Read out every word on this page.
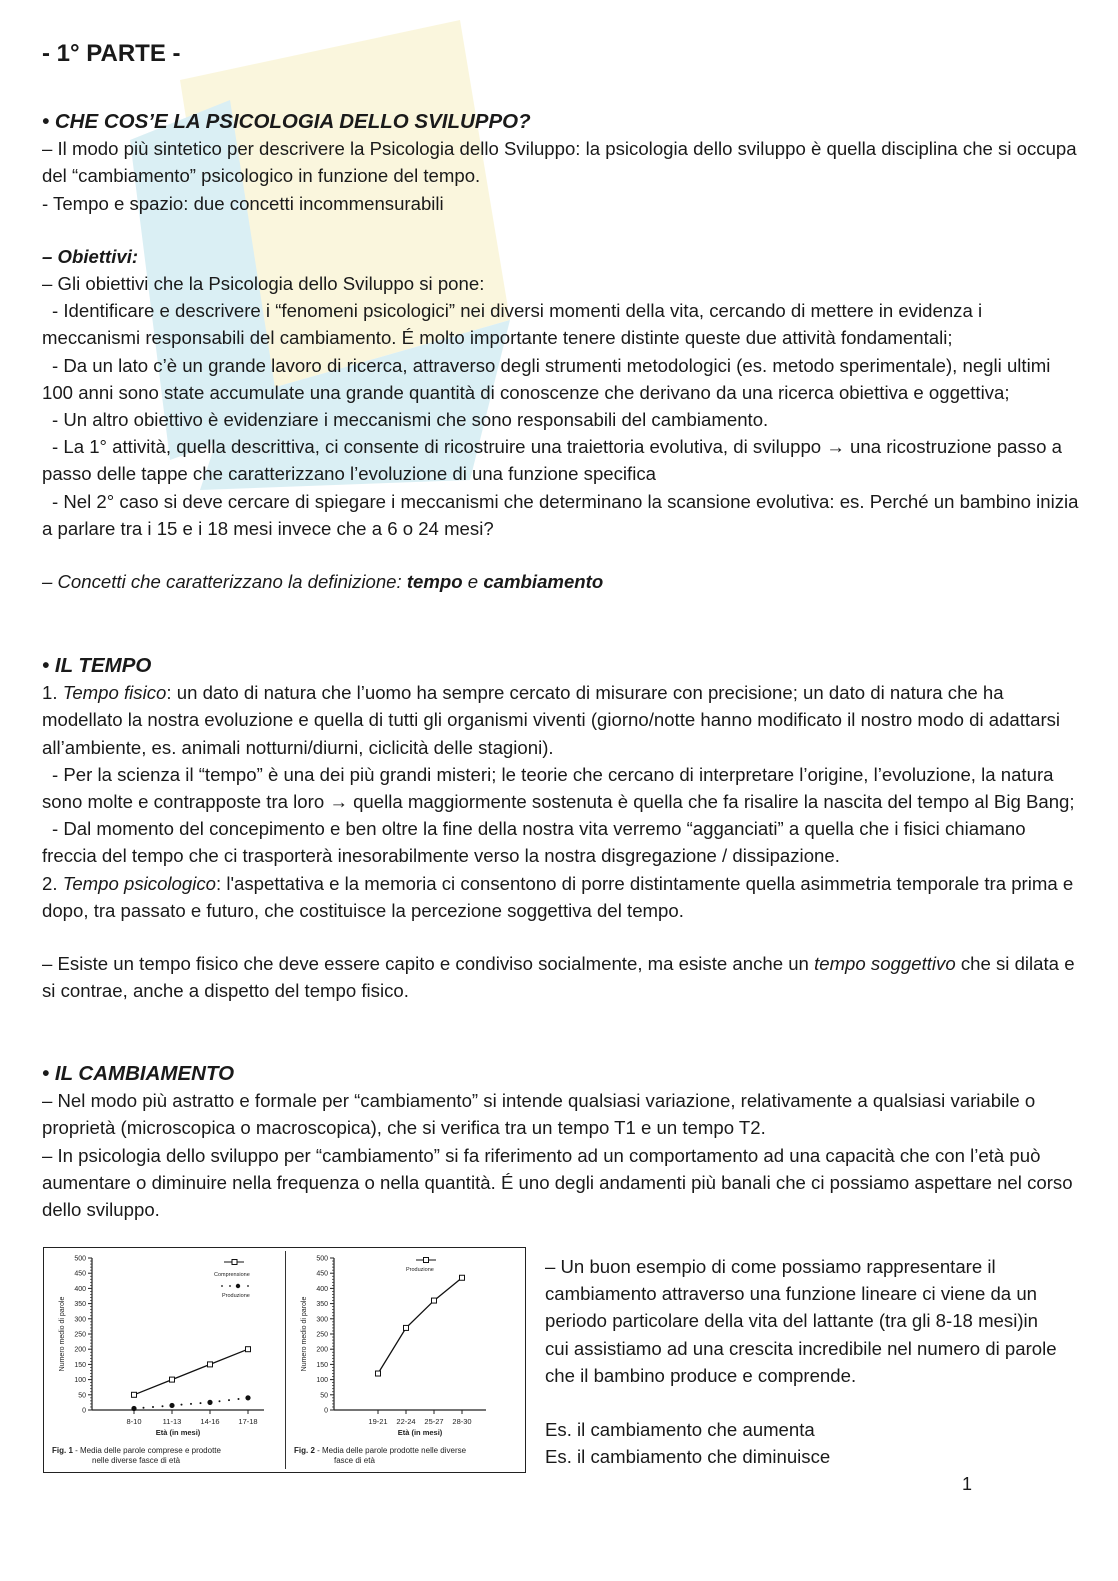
- 1° PARTE -
• CHE COS’E LA PSICOLOGIA DELLO SVILUPPO?

– Il modo più sintetico per descrivere la Psicologia dello Sviluppo: la psicologia dello sviluppo è quella disciplina che si occupa del “cambiamento” psicologico in funzione del tempo.

- Tempo e spazio: due concetti incommensurabili

– Obiettivi:

– Gli obiettivi che la Psicologia dello Sviluppo si pone:

- Identificare e descrivere i “fenomeni psicologici” nei diversi momenti della vita, cercando di mettere in evidenza i meccanismi responsabili del cambiamento. É molto importante tenere distinte queste due attività fondamentali;

- Da un lato c’è un grande lavoro di ricerca, attraverso degli strumenti metodologici (es. metodo sperimentale), negli ultimi 100 anni sono state accumulate una grande quantità di conoscenze che derivano da una ricerca obiettiva e oggettiva;

- Un altro obiettivo è evidenziare i meccanismi che sono responsabili del cambiamento.

- La 1° attività, quella descrittiva, ci consente di ricostruire una traiettoria evolutiva, di sviluppo → una ricostruzione passo a passo delle tappe che caratterizzano l’evoluzione di una funzione specifica

- Nel 2° caso si deve cercare di spiegare i meccanismi che determinano la scansione evolutiva: es. Perché un bambino inizia a parlare tra i 15 e i 18 mesi invece che a 6 o 24 mesi?

– Concetti che caratterizzano la definizione: tempo e cambiamento

• IL TEMPO

1. Tempo fisico: un dato di natura che l’uomo ha sempre cercato di misurare con precisione; un dato di natura che ha modellato la nostra evoluzione e quella di tutti gli organismi viventi (giorno/notte hanno modificato il nostro modo di adattarsi all’ambiente, es. animali notturni/diurni, ciclicità delle stagioni).

- Per la scienza il “tempo” è una dei più grandi misteri; le teorie che cercano di interpretare l’origine, l’evoluzione, la natura sono molte e contrapposte tra loro → quella maggiormente sostenuta è quella che fa risalire la nascita del tempo al Big Bang;

- Dal momento del concepimento e ben oltre la fine della nostra vita verremo “agganciati” a quella che i fisici chiamano freccia del tempo che ci trasporterà inesorabilmente verso la nostra disgregazione / dissipazione.

2. Tempo psicologico: l'aspettativa e la memoria ci consentono di porre distintamente quella asimmetria temporale tra prima e dopo, tra passato e futuro, che costituisce la percezione soggettiva del tempo.

– Esiste un tempo fisico che deve essere capito e condiviso socialmente, ma esiste anche un tempo soggettivo che si dilata e si contrae, anche a dispetto del tempo fisico.

• IL CAMBIAMENTO

– Nel modo più astratto e formale per “cambiamento” si intende qualsiasi variazione, relativamente a qualsiasi variabile o proprietà (microscopica o macroscopica), che si verifica tra un tempo T1 e un tempo T2.

– In psicologia dello sviluppo per “cambiamento” si fa riferimento ad un comportamento ad una capacità che con l’età può aumentare o diminuire nella frequenza o nella quantità. É uno degli andamenti più banali che ci possiamo aspettare nel corso dello sviluppo.

0
50
100
150
200
250
300
350
400
450
500
8-10	11-13	14-16	17-18
Età (in mesi)
Numero medio di parole
Comprensione
Produzione
Fig. 1 - Media delle parole comprese e prodotte
nelle diverse fasce di età
0
50
100
150
200
250
300
350
400
450
500
19-21 22-24 25-27 28-30
Età (in mesi)
Numero medio di parole
Produzione
Fig. 2 - Media delle parole prodotte nelle diverse
fasce di età

– Un buon esempio di come possiamo rappresentare il cambiamento attraverso una funzione lineare ci viene da un periodo particolare della vita del lattante (tra gli 8-18 mesi)in cui assistiamo ad una crescita incredibile nel numero di parole che il bambino produce e comprende.

Es. il cambiamento che aumenta

Es. il cambiamento che diminuisce

1
